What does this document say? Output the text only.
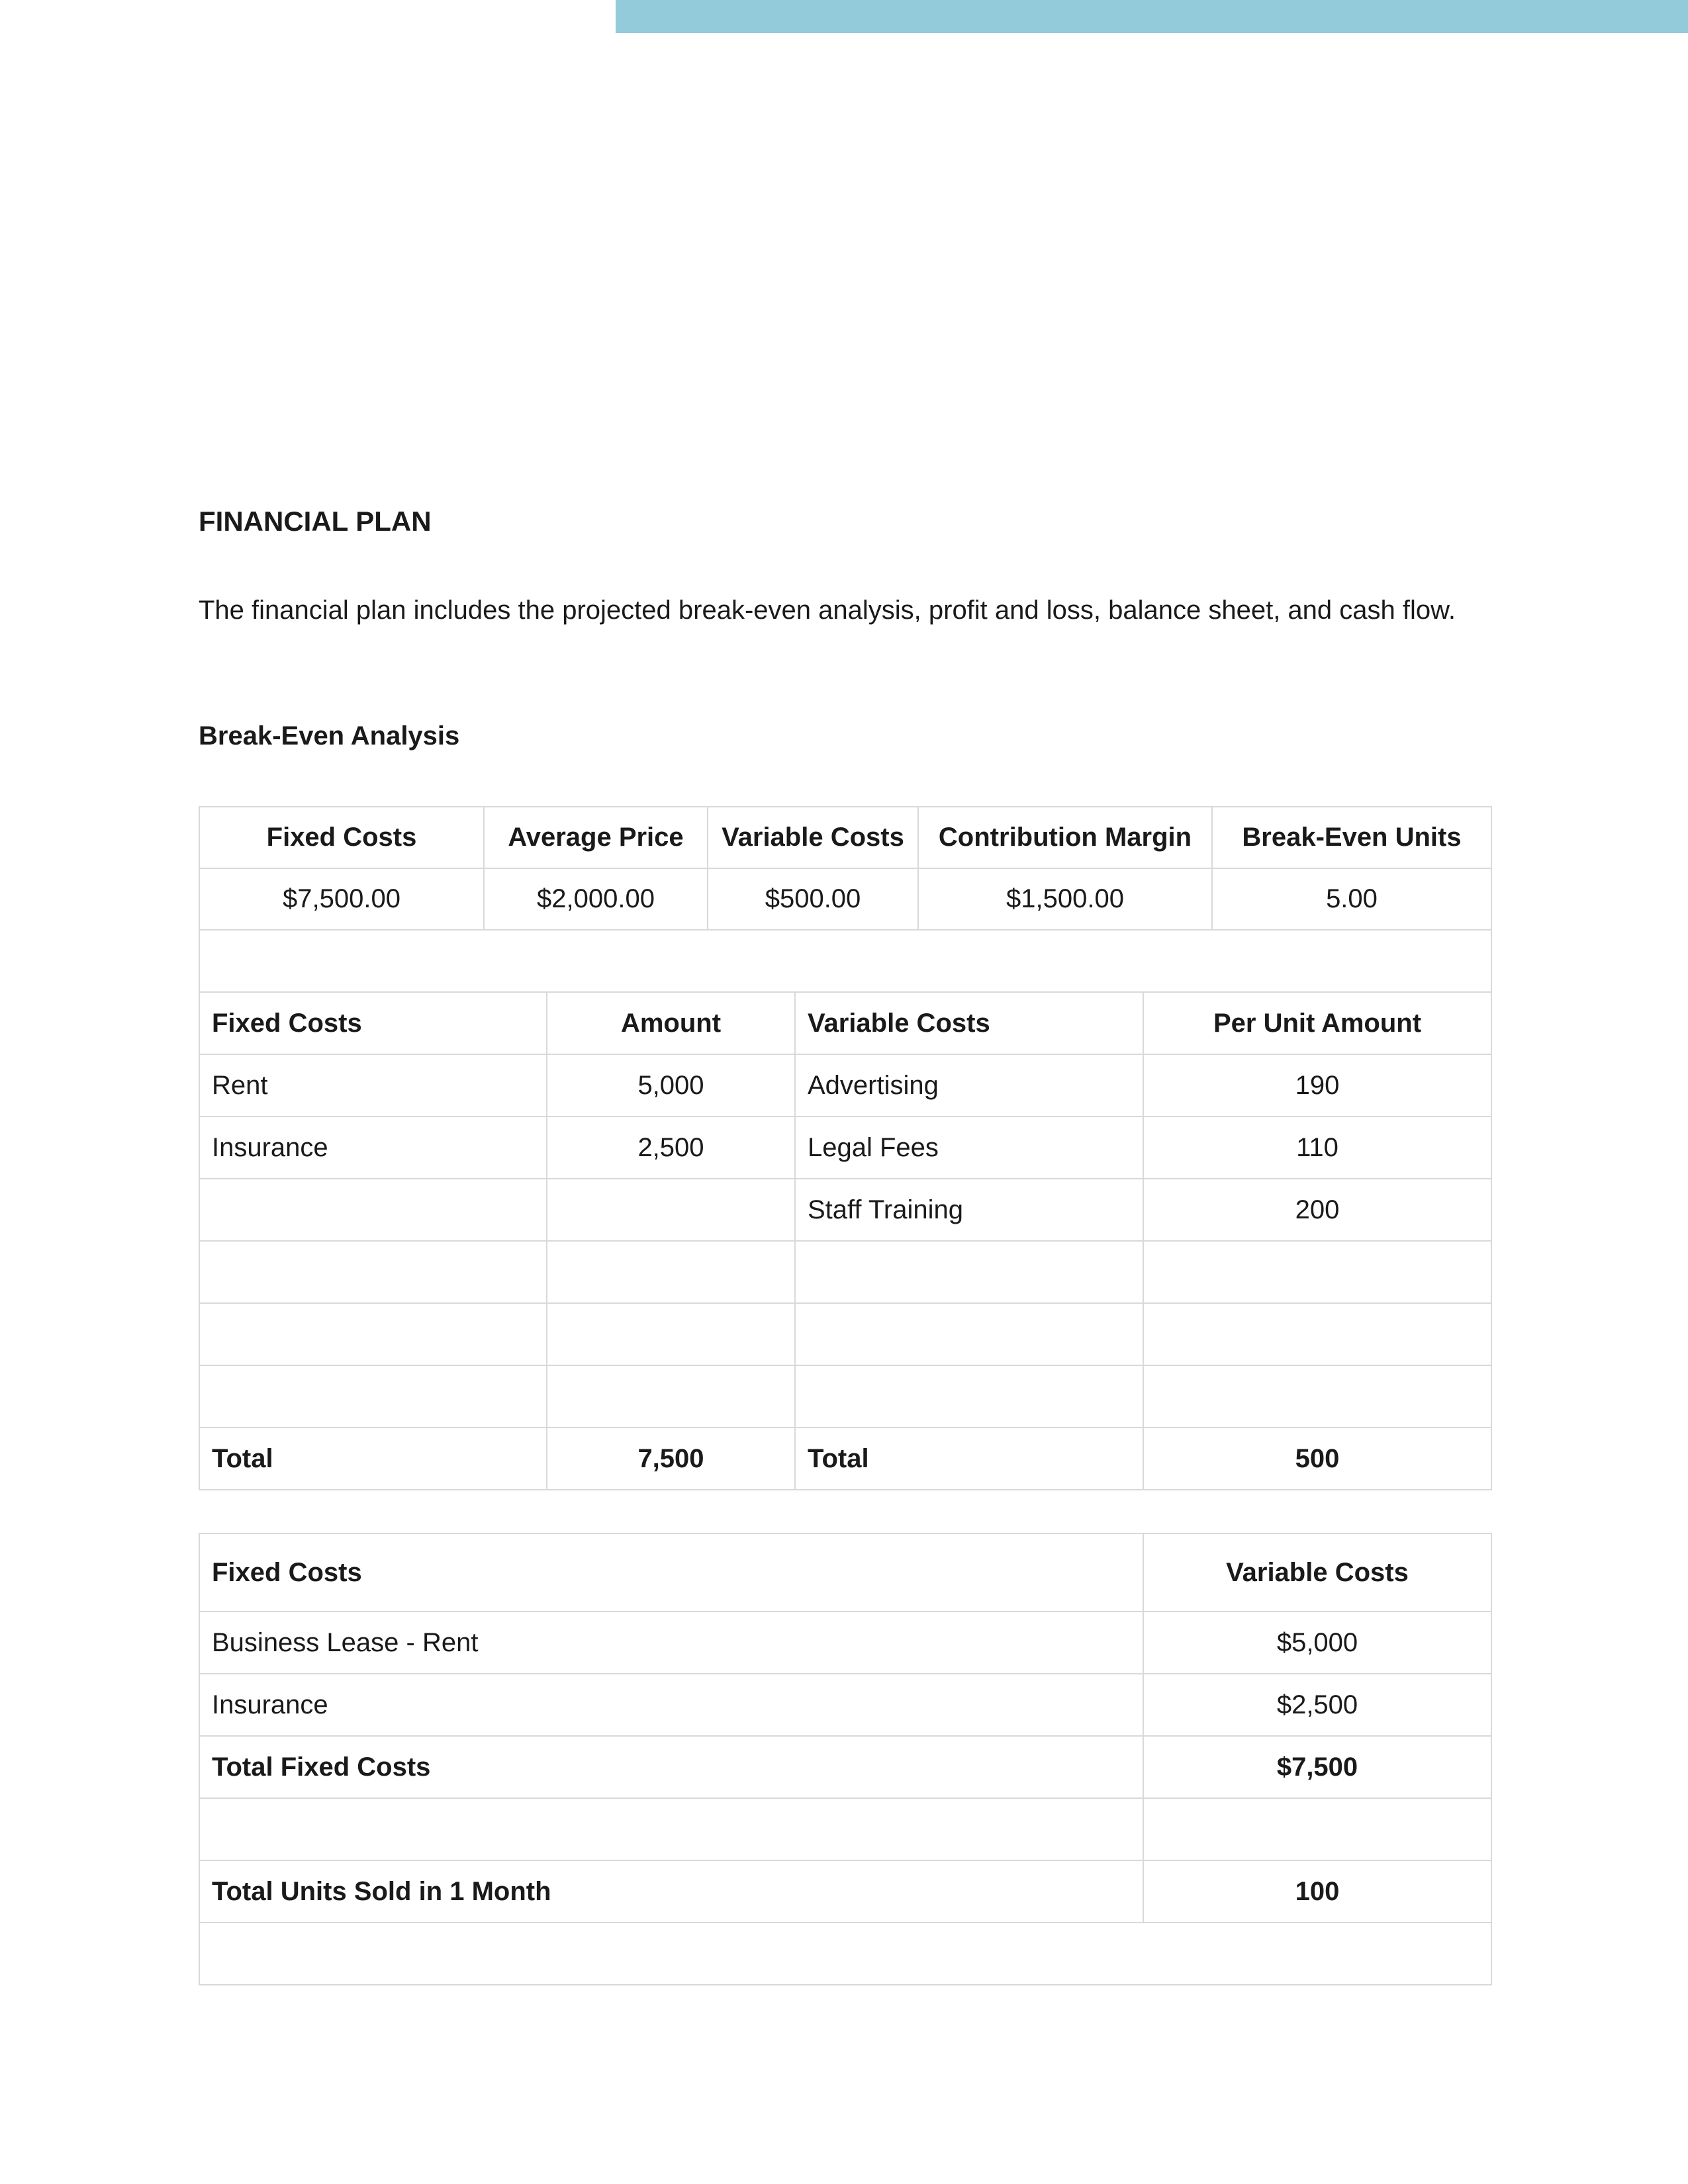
FINANCIAL PLAN

The financial plan includes the projected break-even analysis, profit and loss, balance sheet, and cash flow.

Break-Even Analysis
Fixed Costs	Average Price	Variable Costs	Contribution Margin	Break-Even Units
$7,500.00	$2,000.00	$500.00	$1,500.00	5.00

Fixed Costs	Amount	Variable Costs	Per Unit Amount
Rent	5,000	Advertising	190
Insurance	2,500	Legal Fees	110
		Staff Training	200

Total	7,500	Total	500
Fixed Costs	Variable Costs
Business Lease - Rent	$5,000
Insurance	$2,500
Total Fixed Costs	$7,500

Total Units Sold in 1 Month	100
